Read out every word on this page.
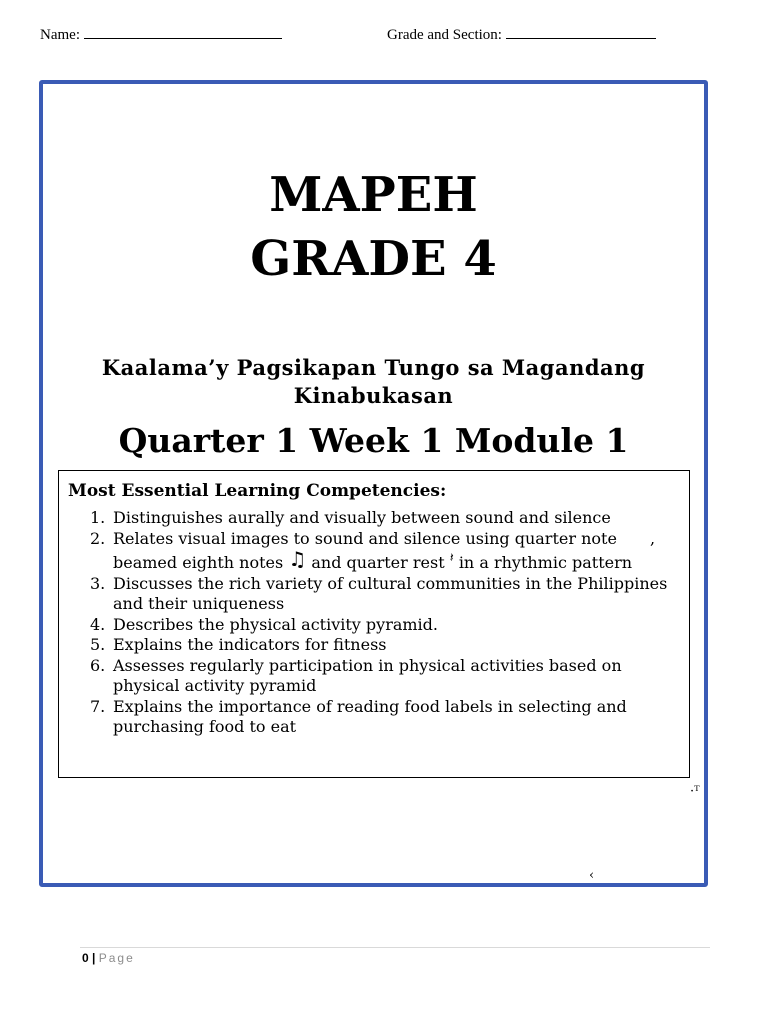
Name:	Grade and Section:
MAPEH
GRADE 4
Kaalama’y Pagsikapan Tungo sa Magandang Kinabukasan
Quarter 1 Week 1 Module 1
Most Essential Learning Competencies:
1. Distinguishes aurally and visually between sound and silence
2. Relates visual images to sound and silence using quarter note , beamed eighth notes ♫ and quarter rest 𝄽 in a rhythmic pattern
3. Discusses the rich variety of cultural communities in the Philippines and their uniqueness
4. Describes the physical activity pyramid.
5. Explains the indicators for fitness
6. Assesses regularly participation in physical activities based on physical activity pyramid
7. Explains the importance of reading food labels in selecting and purchasing food to eat
·ᵀ
‹
0 | Page
